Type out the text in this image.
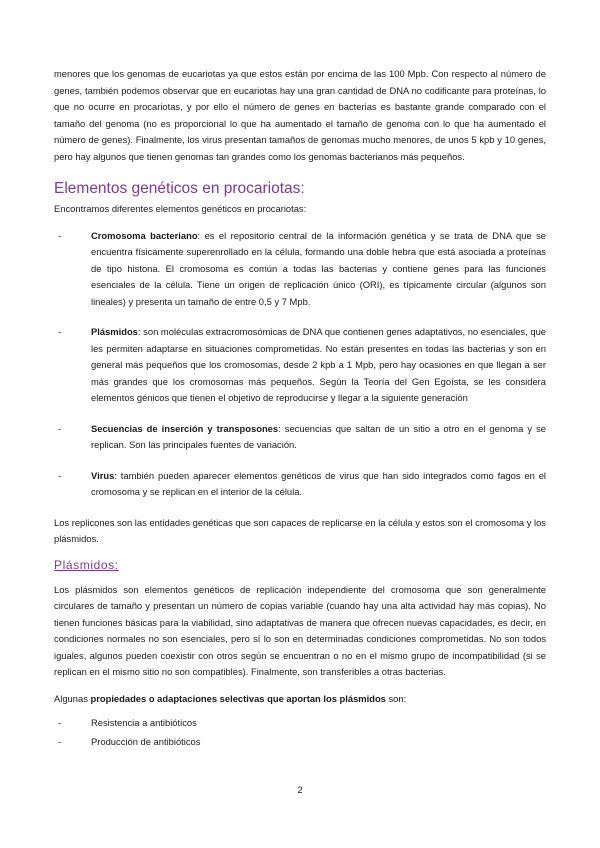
menores que los genomas de eucariotas ya que estos están por encima de las 100 Mpb. Con respecto al número de genes, también podemos observar que en eucariotas hay una gran cantidad de DNA no codificante para proteínas, lo que no ocurre en procariotas, y por ello el número de genes en bacterias es bastante grande comparado con el tamaño del genoma (no es proporcional lo que ha aumentado el tamaño de genoma con lo que ha aumentado el número de genes). Finalmente, los virus presentan tamaños de genomas mucho menores, de unos 5 kpb y 10 genes, pero hay algunos que tienen genomas tan grandes como los genomas bacterianos más pequeños.

Elementos genéticos en procariotas:

Encontramos diferentes elementos genéticos en procariotas:

-	Cromosoma bacteriano: es el repositorio central de la información genética y se trata de DNA que se encuentra físicamente superenrollado en la célula, formando una doble hebra que está asociada a proteínas de tipo histona. El cromosoma es común a todas las bacterias y contiene genes para las funciones esenciales de la célula. Tiene un origen de replicación único (ORI), es típicamente circular (algunos son lineales) y presenta un tamaño de entre 0,5 y 7 Mpb.
-	Plásmidos: son moléculas extracromosómicas de DNA que contienen genes adaptativos, no esenciales, que les permiten adaptarse en situaciones comprometidas. No están presentes en todas las bacterias y son en general más pequeños que los cromosomas, desde 2 kpb a 1 Mpb, pero hay ocasiones en que llegan a ser más grandes que los cromosomas más pequeños. Según la Teoría del Gen Egoísta, se les considera elementos génicos que tienen el objetivo de reproducirse y llegar a la siguiente generación
-	Secuencias de inserción y transposones: secuencias que saltan de un sitio a otro en el genoma y se replican. Son las principales fuentes de variación.
-	Virus: también pueden aparecer elementos genéticos de virus que han sido integrados como fagos en el cromosoma y se replican en el interior de la célula.

Los replicones son las entidades genéticas que son capaces de replicarse en la célula y estos son el cromosoma y los plásmidos.

Plásmidos:

Los plásmidos son elementos genéticos de replicación independiente del cromosoma que son generalmente circulares de tamaño y presentan un número de copias variable (cuando hay una alta actividad hay más copias). No tienen funciones básicas para la viabilidad, sino adaptativas de manera que ofrecen nuevas capacidades, es decir, en condiciones normales no son esenciales, pero sí lo son en determinadas condiciones comprometidas. No son todos iguales, algunos pueden coexistir con otros según se encuentran o no en el mismo grupo de incompatibilidad (si se replican en el mismo sitio no son compatibles). Finalmente, son transferibles a otras bacterias.

Algunas propiedades o adaptaciones selectivas que aportan los plásmidos son:

-	Resistencia a antibióticos
-	Producción de antibióticos
2
